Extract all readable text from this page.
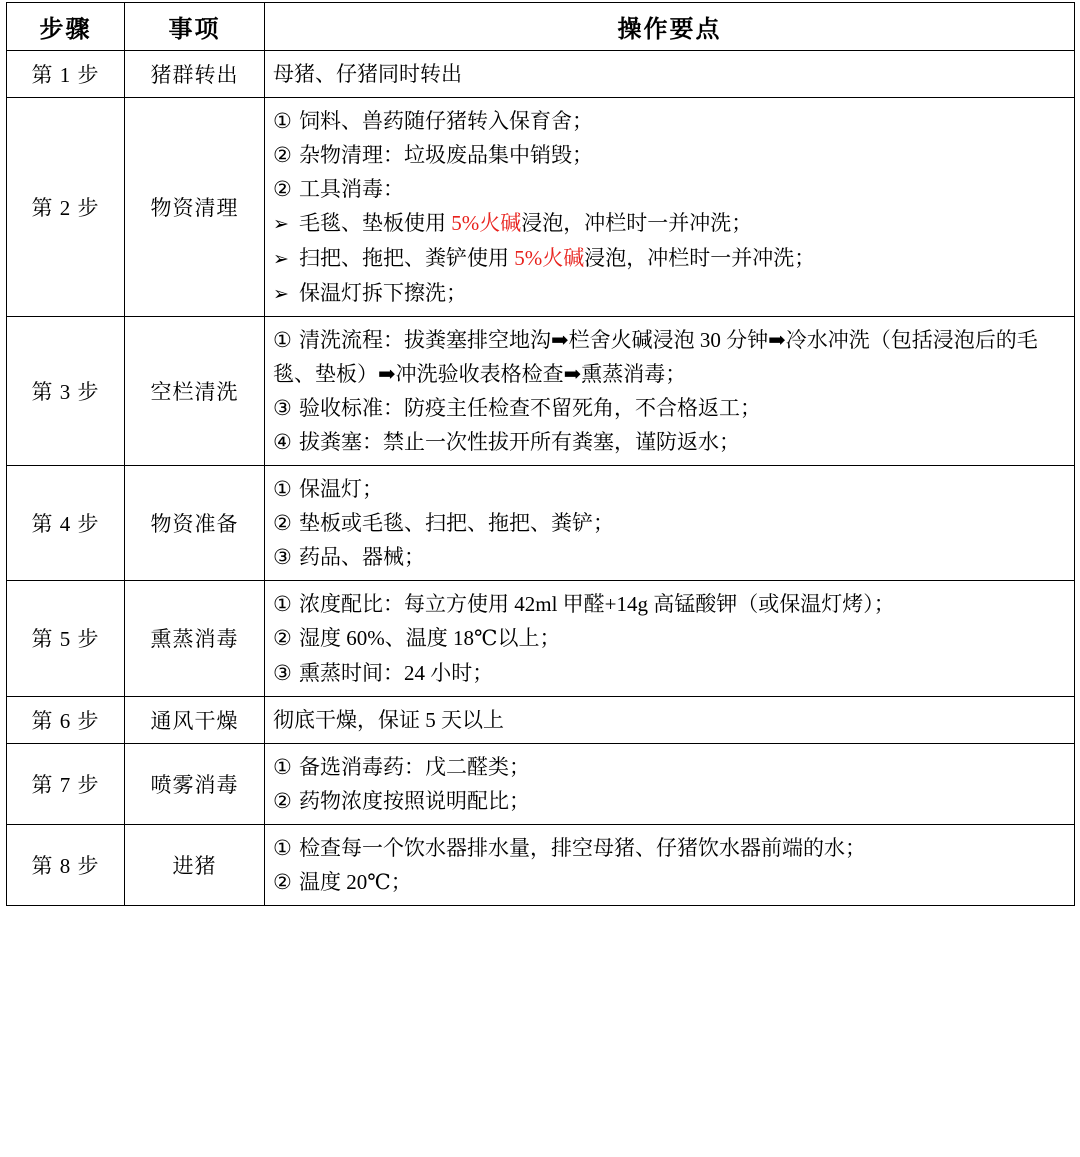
步骤	事项	操作要点
第 1 步	猪群转出	母猪、仔猪同时转出

第 2 步	物资清理	
① 饲料、兽药随仔猪转入保育舍；
② 杂物清理：垃圾废品集中销毁；
② 工具消毒：
➢ 毛毯、垫板使用 5%火碱浸泡，冲栏时一并冲洗；
➢ 扫把、拖把、粪铲使用 5%火碱浸泡，冲栏时一并冲洗；
➢ 保温灯拆下擦洗；

第 3 步	空栏清洗	① 清洗流程：拔粪塞排空地沟➡栏舍火碱浸泡 30 分钟➡冷水冲洗（包括浸泡后的毛毯、垫板）➡冲洗验收表格检查➡熏蒸消毒；
③ 验收标准：防疫主任检查不留死角，不合格返工；
④ 拔粪塞：禁止一次性拔开所有粪塞，谨防返水；

第 4 步	物资准备	① 保温灯；
② 垫板或毛毯、扫把、拖把、粪铲；
③ 药品、器械；

第 5 步	熏蒸消毒	① 浓度配比：每立方使用 42ml 甲醛+14g 高锰酸钾（或保温灯烤）；
② 湿度 60%、温度 18℃以上；
③ 熏蒸时间：24 小时；

第 6 步	通风干燥	彻底干燥，保证 5 天以上

第 7 步	喷雾消毒	① 备选消毒药：戊二醛类；
② 药物浓度按照说明配比；

第 8 步	进猪	① 检查每一个饮水器排水量，排空母猪、仔猪饮水器前端的水；
② 温度 20℃；
